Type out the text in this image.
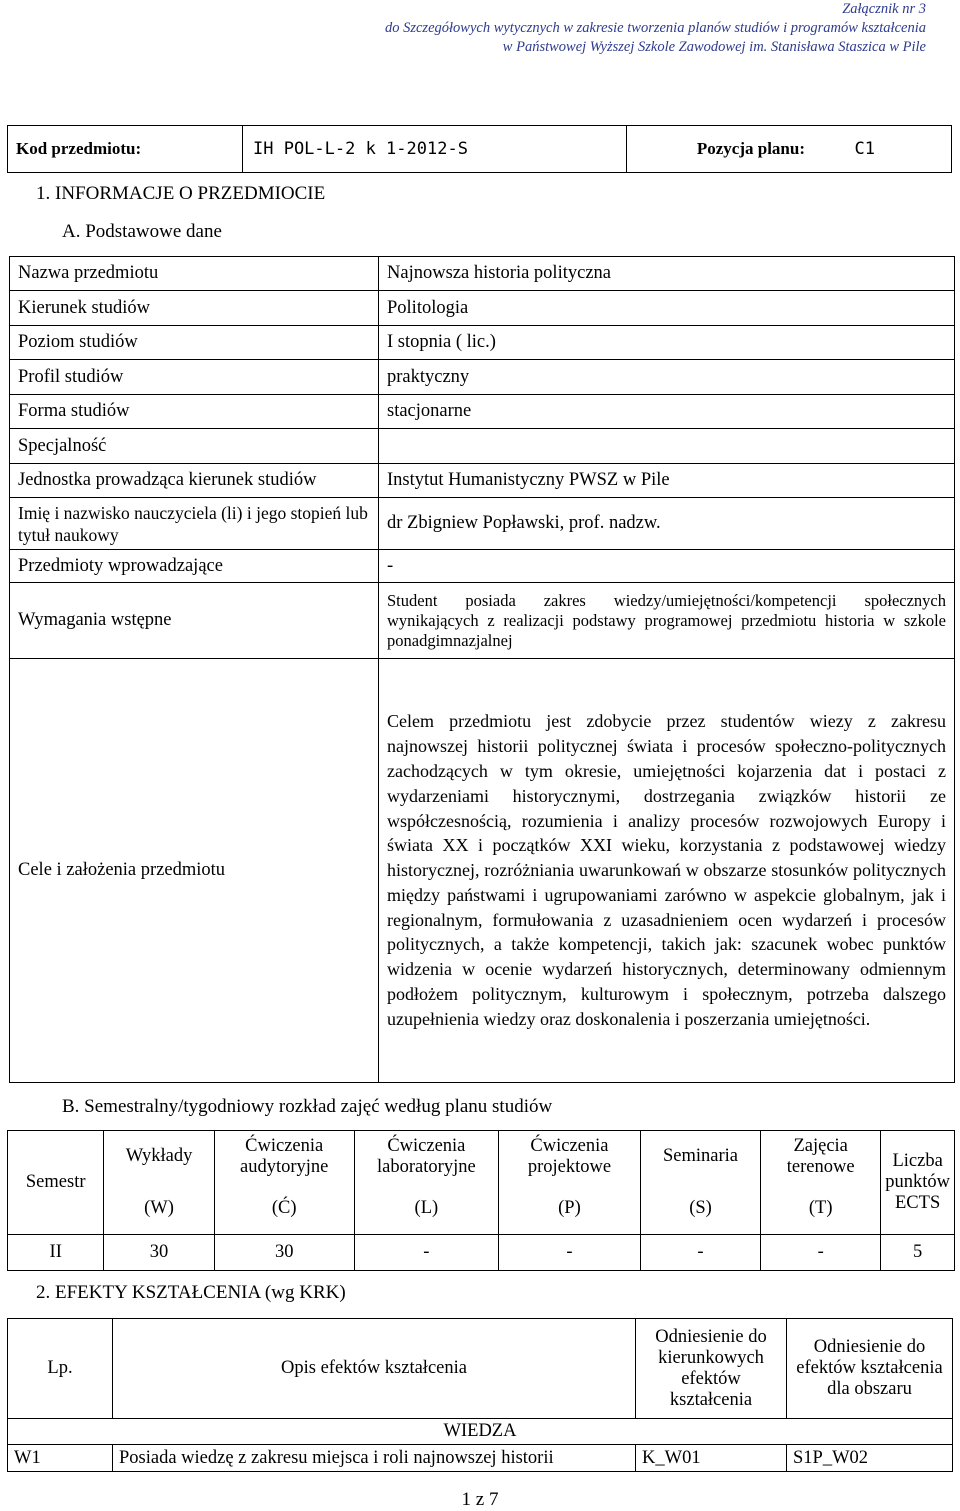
Załącznik nr 3
do Szczegółowych wytycznych w zakresie tworzenia planów studiów i programów kształcenia
w Państwowej Wyższej Szkole Zawodowej im. Stanisława Staszica w Pile
Kod przedmiotu:	IH POL-L-2 k 1-2012-S	Pozycja planu:	C1
1. INFORMACJE O PRZEDMIOCIE
A. Podstawowe dane
Nazwa przedmiotu	Najnowsza historia polityczna
Kierunek studiów	Politologia
Poziom studiów	I stopnia ( lic.)
Profil studiów	praktyczny
Forma studiów	stacjonarne
Specjalność	
Jednostka prowadząca kierunek studiów	Instytut Humanistyczny PWSZ w Pile
Imię i nazwisko nauczyciela (li) i jego stopień lub tytuł naukowy	dr Zbigniew Popławski, prof. nadzw.
Przedmioty wprowadzające	-
Wymagania wstępne	Student posiada zakres wiedzy/umiejętności/kompetencji społecznych wynikających z realizacji podstawy programowej przedmiotu historia w szkole ponadgimnazjalnej
Cele i założenia przedmiotu	Celem przedmiotu jest zdobycie przez studentów wiezy z zakresu najnowszej historii politycznej świata i procesów społeczno-politycznych zachodzących w tym okresie, umiejętności kojarzenia dat i postaci z wydarzeniami historycznymi, dostrzegania związków historii ze współczesnością, rozumienia i analizy procesów rozwojowych Europy i świata XX i początków XXI wieku, korzystania z podstawowej wiedzy historycznej, rozróżniania uwarunkowań w obszarze stosunków politycznych między państwami i ugrupowaniami zarówno w aspekcie globalnym, jak i regionalnym, formułowania z uzasadnieniem ocen wydarzeń i procesów politycznych, a także kompetencji, takich jak: szacunek wobec punktów widzenia w ocenie wydarzeń historycznych, determinowany odmiennym podłożem politycznym, kulturowym i społecznym, potrzeba dalszego uzupełnienia wiedzy oraz doskonalenia i poszerzania umiejętności.
B. Semestralny/tygodniowy rozkład zajęć według planu studiów
Semestr	Wykłady	Ćwiczenia audytoryjne	Ćwiczenia laboratoryjne	Ćwiczenia projektowe	Seminaria	Zajęcia terenowe	Liczba punktów ECTS
	(W)	(Ć)	(L)	(P)	(S)	(T)	
II	30	30	-	-	-	-	5
2. EFEKTY KSZTAŁCENIA (wg KRK)
Lp.	Opis efektów kształcenia	Odniesienie do kierunkowych efektów kształcenia	Odniesienie do efektów kształcenia dla obszaru
WIEDZA			
W1	Posiada wiedzę z zakresu miejsca i roli najnowszej historii	K_W01	S1P_W02
1 z 7
